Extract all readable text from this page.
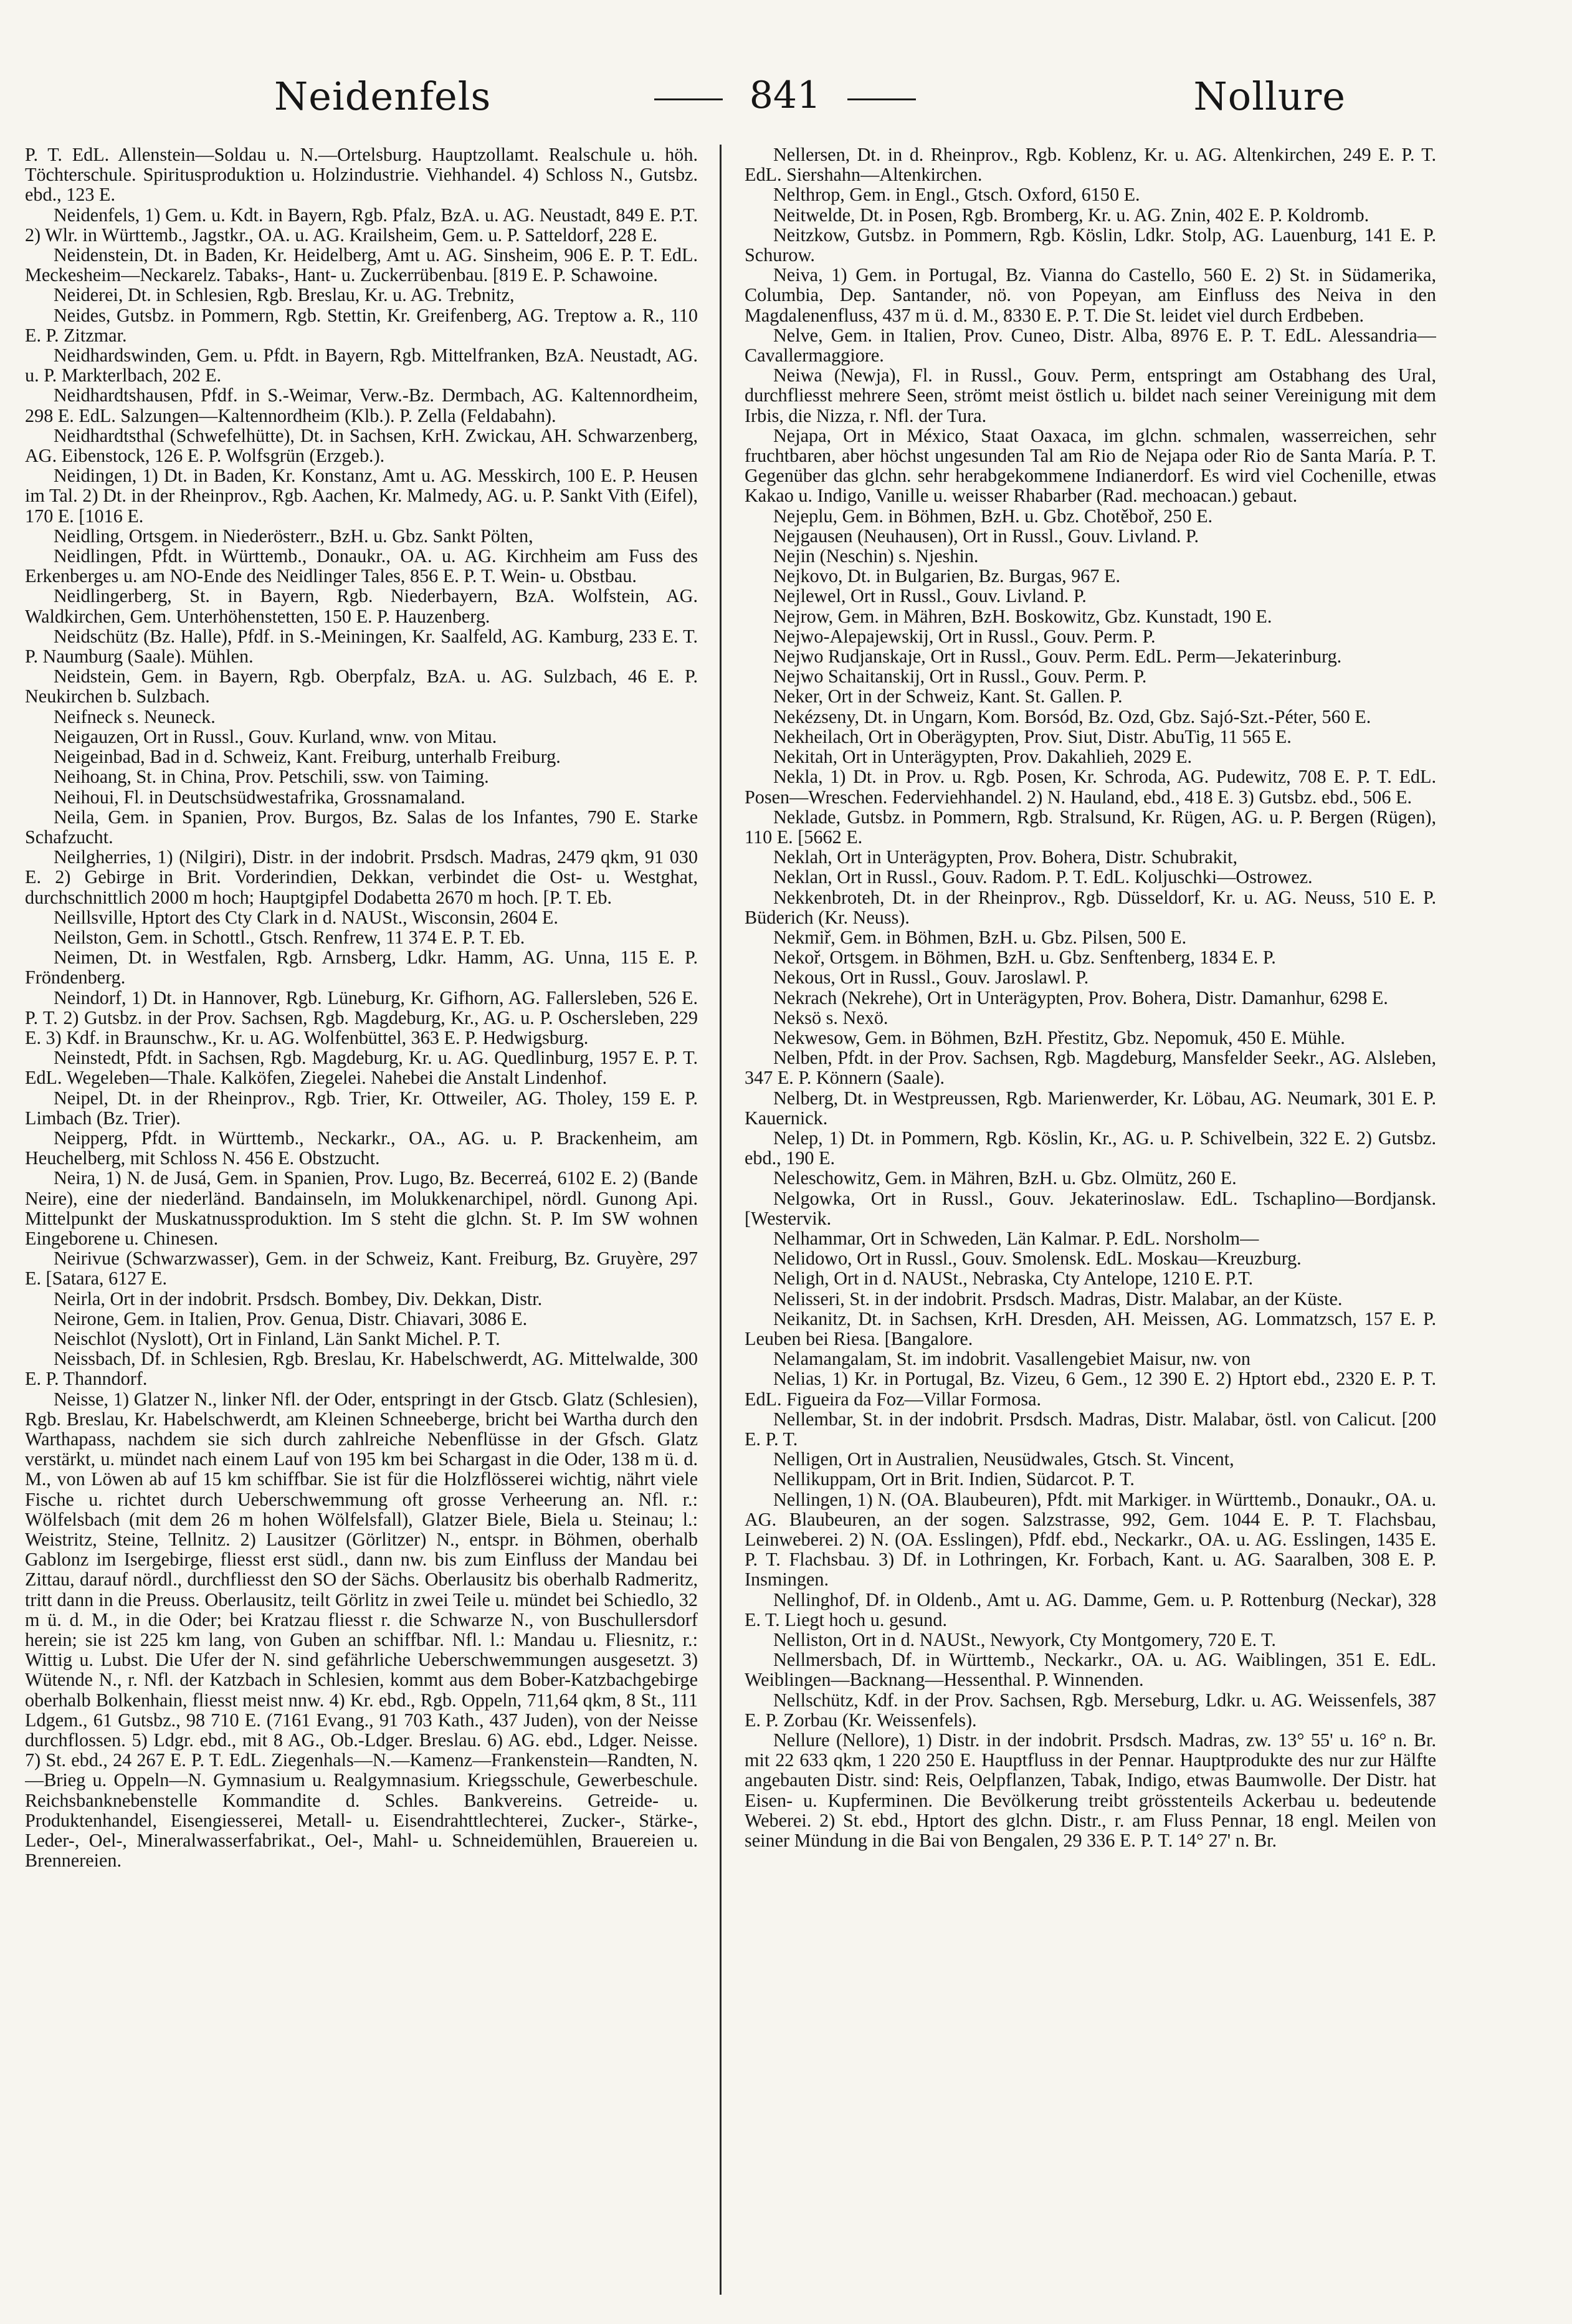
Neidenfels	841	Nollure

P. T. EdL. Allenstein—Soldau u. N.—Ortelsburg. Hauptzollamt. Realschule u. höh. Töchterschule. Spiritusproduktion u. Holzindustrie. Viehhandel. 4) Schloss N., Gutsbz. ebd., 123 E.

Neidenfels, 1) Gem. u. Kdt. in Bayern, Rgb. Pfalz, BzA. u. AG. Neustadt, 849 E. P.T. 2) Wlr. in Württemb., Jagstkr., OA. u. AG. Krailsheim, Gem. u. P. Satteldorf, 228 E.

Neidenstein, Dt. in Baden, Kr. Heidelberg, Amt u. AG. Sinsheim, 906 E. P. T. EdL. Meckesheim—Neckarelz. Tabaks-, Hant- u. Zuckerrübenbau. [819 E. P. Schawoine.

Neiderei, Dt. in Schlesien, Rgb. Breslau, Kr. u. AG. Trebnitz,

Neides, Gutsbz. in Pommern, Rgb. Stettin, Kr. Greifenberg, AG. Treptow a. R., 110 E. P. Zitzmar.

Neidhardswinden, Gem. u. Pfdt. in Bayern, Rgb. Mittelfranken, BzA. Neustadt, AG. u. P. Markterlbach, 202 E.

Neidhardtshausen, Pfdf. in S.-Weimar, Verw.-Bz. Dermbach, AG. Kaltennordheim, 298 E. EdL. Salzungen—Kaltennordheim (Klb.). P. Zella (Feldabahn).

Neidhardtsthal (Schwefelhütte), Dt. in Sachsen, KrH. Zwickau, AH. Schwarzenberg, AG. Eibenstock, 126 E. P. Wolfsgrün (Erzgeb.).

Neidingen, 1) Dt. in Baden, Kr. Konstanz, Amt u. AG. Messkirch, 100 E. P. Heusen im Tal. 2) Dt. in der Rheinprov., Rgb. Aachen, Kr. Malmedy, AG. u. P. Sankt Vith (Eifel), 170 E. [1016 E.

Neidling, Ortsgem. in Niederösterr., BzH. u. Gbz. Sankt Pölten,

Neidlingen, Pfdt. in Württemb., Donaukr., OA. u. AG. Kirchheim am Fuss des Erkenberges u. am NO-Ende des Neidlinger Tales, 856 E. P. T. Wein- u. Obstbau.

Neidlingerberg, St. in Bayern, Rgb. Niederbayern, BzA. Wolfstein, AG. Waldkirchen, Gem. Unterhöhenstetten, 150 E. P. Hauzenberg.

Neidschütz (Bz. Halle), Pfdf. in S.-Meiningen, Kr. Saalfeld, AG. Kamburg, 233 E. T. P. Naumburg (Saale). Mühlen.

Neidstein, Gem. in Bayern, Rgb. Oberpfalz, BzA. u. AG. Sulzbach, 46 E. P. Neukirchen b. Sulzbach.

Neifneck s. Neuneck.

Neigauzen, Ort in Russl., Gouv. Kurland, wnw. von Mitau.

Neigeinbad, Bad in d. Schweiz, Kant. Freiburg, unterhalb Freiburg.

Neihoang, St. in China, Prov. Petschili, ssw. von Taiming.

Neihoui, Fl. in Deutschsüdwestafrika, Grossnamaland.

Neila, Gem. in Spanien, Prov. Burgos, Bz. Salas de los Infantes, 790 E. Starke Schafzucht.

Neilgherries, 1) (Nilgiri), Distr. in der indobrit. Prsdsch. Madras, 2479 qkm, 91 030 E. 2) Gebirge in Brit. Vorderindien, Dekkan, verbindet die Ost- u. Westghat, durchschnittlich 2000 m hoch; Hauptgipfel Dodabetta 2670 m hoch. [P. T. Eb.

Neillsville, Hptort des Cty Clark in d. NAUSt., Wisconsin, 2604 E.

Neilston, Gem. in Schottl., Gtsch. Renfrew, 11 374 E. P. T. Eb.

Neimen, Dt. in Westfalen, Rgb. Arnsberg, Ldkr. Hamm, AG. Unna, 115 E. P. Fröndenberg.

Neindorf, 1) Dt. in Hannover, Rgb. Lüneburg, Kr. Gifhorn, AG. Fallersleben, 526 E. P. T. 2) Gutsbz. in der Prov. Sachsen, Rgb. Magdeburg, Kr., AG. u. P. Oschersleben, 229 E. 3) Kdf. in Braunschw., Kr. u. AG. Wolfenbüttel, 363 E. P. Hedwigsburg.

Neinstedt, Pfdt. in Sachsen, Rgb. Magdeburg, Kr. u. AG. Quedlinburg, 1957 E. P. T. EdL. Wegeleben—Thale. Kalköfen, Ziegelei. Nahebei die Anstalt Lindenhof.

Neipel, Dt. in der Rheinprov., Rgb. Trier, Kr. Ottweiler, AG. Tholey, 159 E. P. Limbach (Bz. Trier).

Neipperg, Pfdt. in Württemb., Neckarkr., OA., AG. u. P. Brackenheim, am Heuchelberg, mit Schloss N. 456 E. Obstzucht.

Neira, 1) N. de Jusá, Gem. in Spanien, Prov. Lugo, Bz. Becerreá, 6102 E. 2) (Bande Neire), eine der niederländ. Bandainseln, im Molukkenarchipel, nördl. Gunong Api. Mittelpunkt der Muskatnussproduktion. Im S steht die glchn. St. P. Im SW wohnen Eingeborene u. Chinesen.

Neirivue (Schwarzwasser), Gem. in der Schweiz, Kant. Freiburg, Bz. Gruyère, 297 E. [Satara, 6127 E.

Neirla, Ort in der indobrit. Prsdsch. Bombey, Div. Dekkan, Distr.

Neirone, Gem. in Italien, Prov. Genua, Distr. Chiavari, 3086 E.

Neischlot (Nyslott), Ort in Finland, Län Sankt Michel. P. T.

Neissbach, Df. in Schlesien, Rgb. Breslau, Kr. Habelschwerdt, AG. Mittelwalde, 300 E. P. Thanndorf.

Neisse, 1) Glatzer N., linker Nfl. der Oder, entspringt in der Gtscb. Glatz (Schlesien), Rgb. Breslau, Kr. Habelschwerdt, am Kleinen Schneeberge, bricht bei Wartha durch den Warthapass, nachdem sie sich durch zahlreiche Nebenflüsse in der Gfsch. Glatz verstärkt, u. mündet nach einem Lauf von 195 km bei Schargast in die Oder, 138 m ü. d. M., von Löwen ab auf 15 km schiffbar. Sie ist für die Holzflösserei wichtig, nährt viele Fische u. richtet durch Ueberschwemmung oft grosse Verheerung an. Nfl. r.: Wölfelsbach (mit dem 26 m hohen Wölfelsfall), Glatzer Biele, Biela u. Steinau; l.: Weistritz, Steine, Tellnitz. 2) Lausitzer (Görlitzer) N., entspr. in Böhmen, oberhalb Gablonz im Isergebirge, fliesst erst südl., dann nw. bis zum Einfluss der Mandau bei Zittau, darauf nördl., durchfliesst den SO der Sächs. Oberlausitz bis oberhalb Radmeritz, tritt dann in die Preuss. Oberlausitz, teilt Görlitz in zwei Teile u. mündet bei Schiedlo, 32 m ü. d. M., in die Oder; bei Kratzau fliesst r. die Schwarze N., von Buschullersdorf herein; sie ist 225 km lang, von Guben an schiffbar. Nfl. l.: Mandau u. Fliesnitz, r.: Wittig u. Lubst. Die Ufer der N. sind gefährliche Ueberschwemmungen ausgesetzt. 3) Wütende N., r. Nfl. der Katzbach in Schlesien, kommt aus dem Bober-Katzbachgebirge oberhalb Bolkenhain, fliesst meist nnw. 4) Kr. ebd., Rgb. Oppeln, 711,64 qkm, 8 St., 111 Ldgem., 61 Gutsbz., 98 710 E. (7161 Evang., 91 703 Kath., 437 Juden), von der Neisse durchflossen. 5) Ldgr. ebd., mit 8 AG., Ob.-Ldger. Breslau. 6) AG. ebd., Ldger. Neisse. 7) St. ebd., 24 267 E. P. T. EdL. Ziegenhals—N.—Kamenz—Frankenstein—Randten, N.—Brieg u. Oppeln—N. Gymnasium u. Realgymnasium. Kriegsschule, Gewerbeschule. Reichsbanknebenstelle Kommandite d. Schles. Bankvereins. Getreide- u. Produktenhandel, Eisengiesserei, Metall- u. Eisendrahttlechterei, Zucker-, Stärke-, Leder-, Oel-, Mineralwasserfabrikat., Oel-, Mahl- u. Schneidemühlen, Brauereien u. Brennereien.

Nellersen, Dt. in d. Rheinprov., Rgb. Koblenz, Kr. u. AG. Altenkirchen, 249 E. P. T. EdL. Siershahn—Altenkirchen.

Nelthrop, Gem. in Engl., Gtsch. Oxford, 6150 E.

Neitwelde, Dt. in Posen, Rgb. Bromberg, Kr. u. AG. Znin, 402 E. P. Koldromb.

Neitzkow, Gutsbz. in Pommern, Rgb. Köslin, Ldkr. Stolp, AG. Lauenburg, 141 E. P. Schurow.

Neiva, 1) Gem. in Portugal, Bz. Vianna do Castello, 560 E. 2) St. in Südamerika, Columbia, Dep. Santander, nö. von Popeyan, am Einfluss des Neiva in den Magdalenenfluss, 437 m ü. d. M., 8330 E. P. T. Die St. leidet viel durch Erdbeben.

Nelve, Gem. in Italien, Prov. Cuneo, Distr. Alba, 8976 E. P. T. EdL. Alessandria—Cavallermaggiore.

Neiwa (Newja), Fl. in Russl., Gouv. Perm, entspringt am Ostabhang des Ural, durchfliesst mehrere Seen, strömt meist östlich u. bildet nach seiner Vereinigung mit dem Irbis, die Nizza, r. Nfl. der Tura.

Nejapa, Ort in México, Staat Oaxaca, im glchn. schmalen, wasserreichen, sehr fruchtbaren, aber höchst ungesunden Tal am Rio de Nejapa oder Rio de Santa María. P. T. Gegenüber das glchn. sehr herabgekommene Indianerdorf. Es wird viel Cochenille, etwas Kakao u. Indigo, Vanille u. weisser Rhabarber (Rad. mechoacan.) gebaut.

Nejeplu, Gem. in Böhmen, BzH. u. Gbz. Chotěboř, 250 E.

Nejgausen (Neuhausen), Ort in Russl., Gouv. Livland. P.

Nejin (Neschin) s. Njeshin.

Nejkovo, Dt. in Bulgarien, Bz. Burgas, 967 E.

Nejlewel, Ort in Russl., Gouv. Livland. P.

Nejrow, Gem. in Mähren, BzH. Boskowitz, Gbz. Kunstadt, 190 E.

Nejwo-Alepajewskij, Ort in Russl., Gouv. Perm. P.

Nejwo Rudjanskaje, Ort in Russl., Gouv. Perm. EdL. Perm—Jekaterinburg.

Nejwo Schaitanskij, Ort in Russl., Gouv. Perm. P.

Neker, Ort in der Schweiz, Kant. St. Gallen. P.

Nekézseny, Dt. in Ungarn, Kom. Borsód, Bz. Ozd, Gbz. Sajó-Szt.-Péter, 560 E.

Nekheilach, Ort in Oberägypten, Prov. Siut, Distr. AbuTig, 11 565 E.

Nekitah, Ort in Unterägypten, Prov. Dakahlieh, 2029 E.

Nekla, 1) Dt. in Prov. u. Rgb. Posen, Kr. Schroda, AG. Pudewitz, 708 E. P. T. EdL. Posen—Wreschen. Federviehhandel. 2) N. Hauland, ebd., 418 E. 3) Gutsbz. ebd., 506 E.

Neklade, Gutsbz. in Pommern, Rgb. Stralsund, Kr. Rügen, AG. u. P. Bergen (Rügen), 110 E. [5662 E.

Neklah, Ort in Unterägypten, Prov. Bohera, Distr. Schubrakit,

Neklan, Ort in Russl., Gouv. Radom. P. T. EdL. Koljuschki—Ostrowez.

Nekkenbroteh, Dt. in der Rheinprov., Rgb. Düsseldorf, Kr. u. AG. Neuss, 510 E. P. Büderich (Kr. Neuss).

Nekmiř, Gem. in Böhmen, BzH. u. Gbz. Pilsen, 500 E.

Nekoř, Ortsgem. in Böhmen, BzH. u. Gbz. Senftenberg, 1834 E. P.

Nekous, Ort in Russl., Gouv. Jaroslawl. P.

Nekrach (Nekrehe), Ort in Unterägypten, Prov. Bohera, Distr. Damanhur, 6298 E.

Neksö s. Nexö.

Nekwesow, Gem. in Böhmen, BzH. Přestitz, Gbz. Nepomuk, 450 E. Mühle.

Nelben, Pfdt. in der Prov. Sachsen, Rgb. Magdeburg, Mansfelder Seekr., AG. Alsleben, 347 E. P. Könnern (Saale).

Nelberg, Dt. in Westpreussen, Rgb. Marienwerder, Kr. Löbau, AG. Neumark, 301 E. P. Kauernick.

Nelep, 1) Dt. in Pommern, Rgb. Köslin, Kr., AG. u. P. Schivelbein, 322 E. 2) Gutsbz. ebd., 190 E.

Neleschowitz, Gem. in Mähren, BzH. u. Gbz. Olmütz, 260 E.

Nelgowka, Ort in Russl., Gouv. Jekaterinoslaw. EdL. Tschaplino—Bordjansk. [Westervik.

Nelhammar, Ort in Schweden, Län Kalmar. P. EdL. Norsholm—

Nelidowo, Ort in Russl., Gouv. Smolensk. EdL. Moskau—Kreuzburg.

Neligh, Ort in d. NAUSt., Nebraska, Cty Antelope, 1210 E. P.T.

Nelisseri, St. in der indobrit. Prsdsch. Madras, Distr. Malabar, an der Küste.

Neikanitz, Dt. in Sachsen, KrH. Dresden, AH. Meissen, AG. Lommatzsch, 157 E. P. Leuben bei Riesa. [Bangalore.

Nelamangalam, St. im indobrit. Vasallengebiet Maisur, nw. von

Nelias, 1) Kr. in Portugal, Bz. Vizeu, 6 Gem., 12 390 E. 2) Hptort ebd., 2320 E. P. T. EdL. Figueira da Foz—Villar Formosa.

Nellembar, St. in der indobrit. Prsdsch. Madras, Distr. Malabar, östl. von Calicut. [200 E. P. T.

Nelligen, Ort in Australien, Neusüdwales, Gtsch. St. Vincent,

Nellikuppam, Ort in Brit. Indien, Südarcot. P. T.

Nellingen, 1) N. (OA. Blaubeuren), Pfdt. mit Markiger. in Württemb., Donaukr., OA. u. AG. Blaubeuren, an der sogen. Salzstrasse, 992, Gem. 1044 E. P. T. Flachsbau, Leinweberei. 2) N. (OA. Esslingen), Pfdf. ebd., Neckarkr., OA. u. AG. Esslingen, 1435 E. P. T. Flachsbau. 3) Df. in Lothringen, Kr. Forbach, Kant. u. AG. Saaralben, 308 E. P. Insmingen.

Nellinghof, Df. in Oldenb., Amt u. AG. Damme, Gem. u. P. Rottenburg (Neckar), 328 E. T. Liegt hoch u. gesund.

Nelliston, Ort in d. NAUSt., Newyork, Cty Montgomery, 720 E. T.

Nellmersbach, Df. in Württemb., Neckarkr., OA. u. AG. Waiblingen, 351 E. EdL. Weiblingen—Backnang—Hessenthal. P. Winnenden.

Nellschütz, Kdf. in der Prov. Sachsen, Rgb. Merseburg, Ldkr. u. AG. Weissenfels, 387 E. P. Zorbau (Kr. Weissenfels).

Nellure (Nellore), 1) Distr. in der indobrit. Prsdsch. Madras, zw. 13° 55' u. 16° n. Br. mit 22 633 qkm, 1 220 250 E. Hauptfluss in der Pennar. Hauptprodukte des nur zur Hälfte angebauten Distr. sind: Reis, Oelpflanzen, Tabak, Indigo, etwas Baumwolle. Der Distr. hat Eisen- u. Kupferminen. Die Bevölkerung treibt grösstenteils Ackerbau u. bedeutende Weberei. 2) St. ebd., Hptort des glchn. Distr., r. am Fluss Pennar, 18 engl. Meilen von seiner Mündung in die Bai von Bengalen, 29 336 E. P. T. 14° 27' n. Br.
